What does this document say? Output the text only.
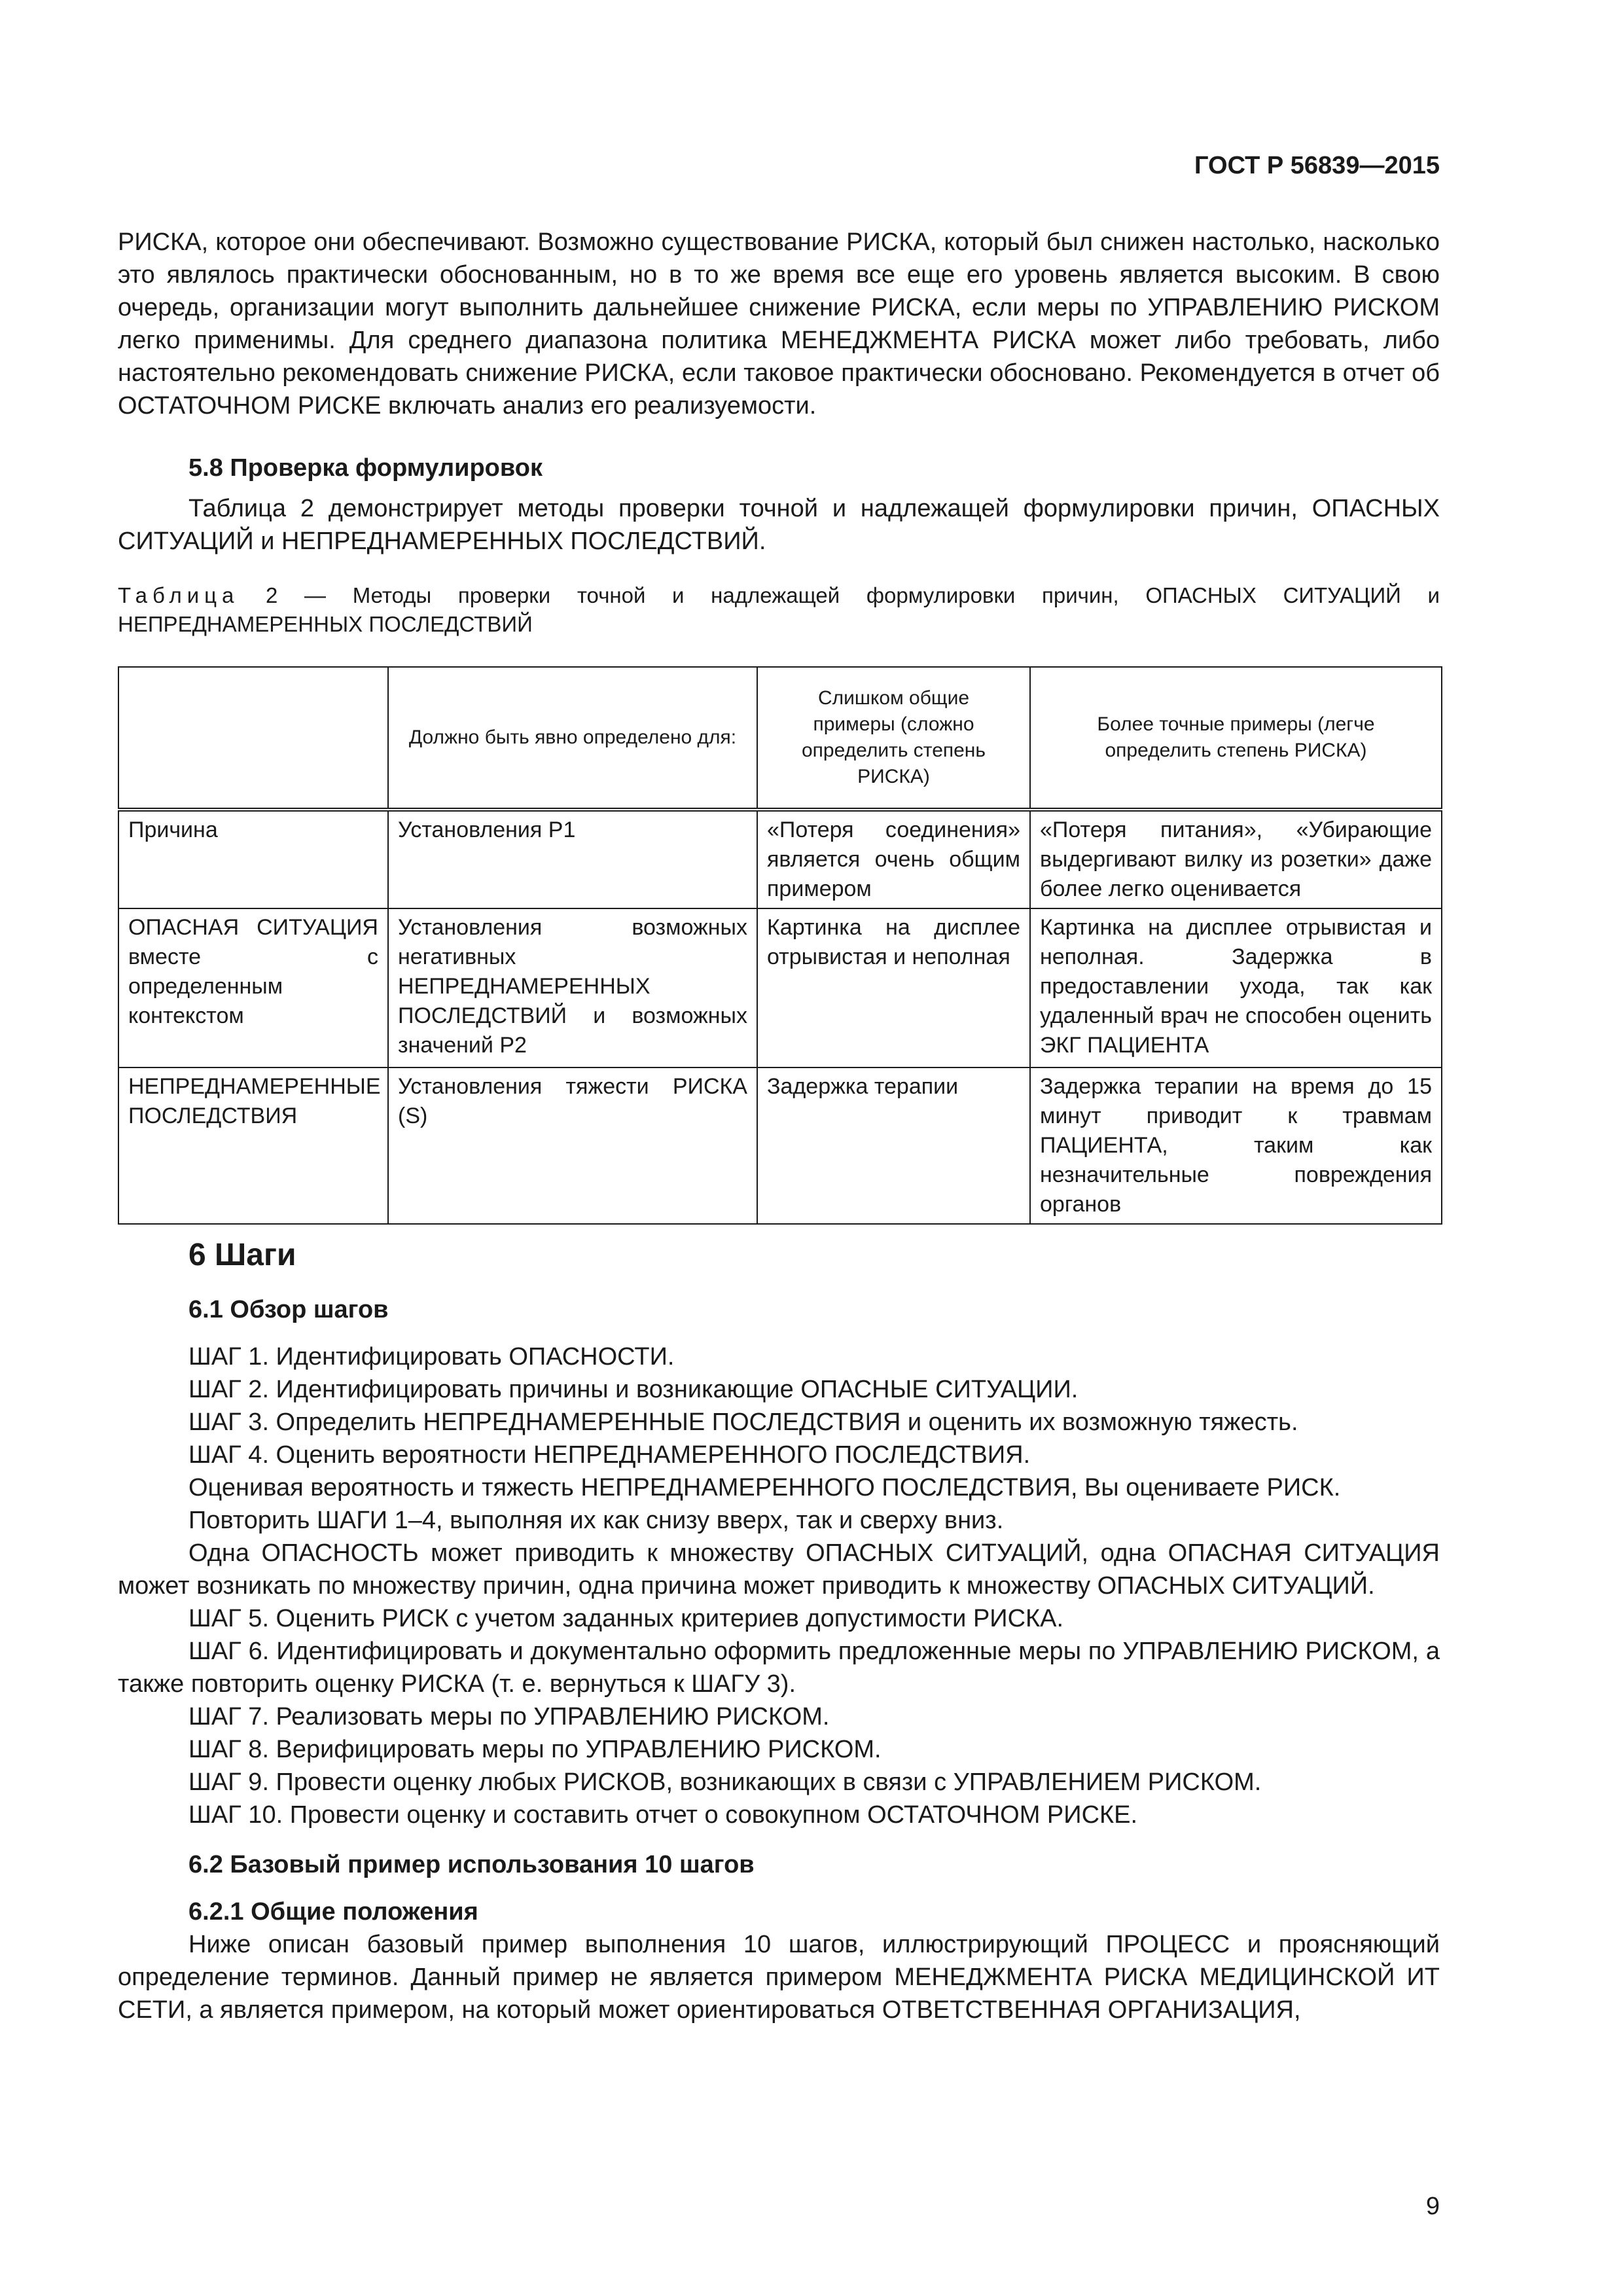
ГОСТ Р 56839—2015

РИСКА, которое они обеспечивают. Возможно существование РИСКА, который был снижен настолько, насколько это являлось практически обоснованным, но в то же время все еще его уровень является высоким. В свою очередь, организации могут выполнить дальнейшее снижение РИСКА, если меры по УПРАВЛЕНИЮ РИСКОМ легко применимы. Для среднего диапазона политика МЕНЕДЖМЕНТА РИСКА может либо требовать, либо настоятельно рекомендовать снижение РИСКА, если таковое практически обосновано. Рекомендуется в отчет об ОСТАТОЧНОМ РИСКЕ включать анализ его реализуемости.

5.8 Проверка формулировок

Таблица 2 демонстрирует методы проверки точной и надлежащей формулировки причин, ОПАСНЫХ СИТУАЦИЙ и НЕПРЕДНАМЕРЕННЫХ ПОСЛЕДСТВИЙ.

Таблица 2 — Методы проверки точной и надлежащей формулировки причин, ОПАСНЫХ СИТУАЦИЙ и НЕПРЕДНАМЕРЕННЫХ ПОСЛЕДСТВИЙ
	Должно быть явно определено для:	Слишком общие примеры (сложно определить степень РИСКА)	Более точные примеры (легче определить степень РИСКА)
Причина	Установления P1	«Потеря соединения» является очень общим примером	«Потеря питания», «Убирающие выдергивают вилку из розетки» даже более легко оценивается
ОПАСНАЯ СИТУАЦИЯ вместе с определенным контекстом	Установления возможных негативных НЕПРЕДНАМЕРЕННЫХ ПОСЛЕДСТВИЙ и возможных значений P2	Картинка на дисплее отрывистая и неполная	Картинка на дисплее отрывистая и неполная. Задержка в предоставлении ухода, так как удаленный врач не способен оценить ЭКГ ПАЦИЕНТА
НЕПРЕДНАМЕРЕННЫЕ ПОСЛЕДСТВИЯ	Установления тяжести РИСКА (S)	Задержка терапии	Задержка терапии на время до 15 минут приводит к травмам ПАЦИЕНТА, таким как незначительные повреждения органов
6 Шаги
6.1 Обзор шагов

ШАГ 1. Идентифицировать ОПАСНОСТИ.

ШАГ 2. Идентифицировать причины и возникающие ОПАСНЫЕ СИТУАЦИИ.

ШАГ 3. Определить НЕПРЕДНАМЕРЕННЫЕ ПОСЛЕДСТВИЯ и оценить их возможную тяжесть.

ШАГ 4. Оценить вероятности НЕПРЕДНАМЕРЕННОГО ПОСЛЕДСТВИЯ.

Оценивая вероятность и тяжесть НЕПРЕДНАМЕРЕННОГО ПОСЛЕДСТВИЯ, Вы оцениваете РИСК.

Повторить ШАГИ 1–4, выполняя их как снизу вверх, так и сверху вниз.

Одна ОПАСНОСТЬ может приводить к множеству ОПАСНЫХ СИТУАЦИЙ, одна ОПАСНАЯ СИТУАЦИЯ может возникать по множеству причин, одна причина может приводить к множеству ОПАСНЫХ СИТУАЦИЙ.

ШАГ 5. Оценить РИСК с учетом заданных критериев допустимости РИСКА.

ШАГ 6. Идентифицировать и документально оформить предложенные меры по УПРАВЛЕНИЮ РИСКОМ, а также повторить оценку РИСКА (т. е. вернуться к ШАГУ 3).

ШАГ 7. Реализовать меры по УПРАВЛЕНИЮ РИСКОМ.

ШАГ 8. Верифицировать меры по УПРАВЛЕНИЮ РИСКОМ.

ШАГ 9. Провести оценку любых РИСКОВ, возникающих в связи с УПРАВЛЕНИЕМ РИСКОМ.

ШАГ 10. Провести оценку и составить отчет о совокупном ОСТАТОЧНОМ РИСКЕ.

6.2 Базовый пример использования 10 шагов
6.2.1 Общие положения

Ниже описан базовый пример выполнения 10 шагов, иллюстрирующий ПРОЦЕСС и проясняющий определение терминов. Данный пример не является примером МЕНЕДЖМЕНТА РИСКА МЕДИЦИНСКОЙ ИТ СЕТИ, а является примером, на который может ориентироваться ОТВЕТСТВЕННАЯ ОРГАНИЗАЦИЯ,

9
